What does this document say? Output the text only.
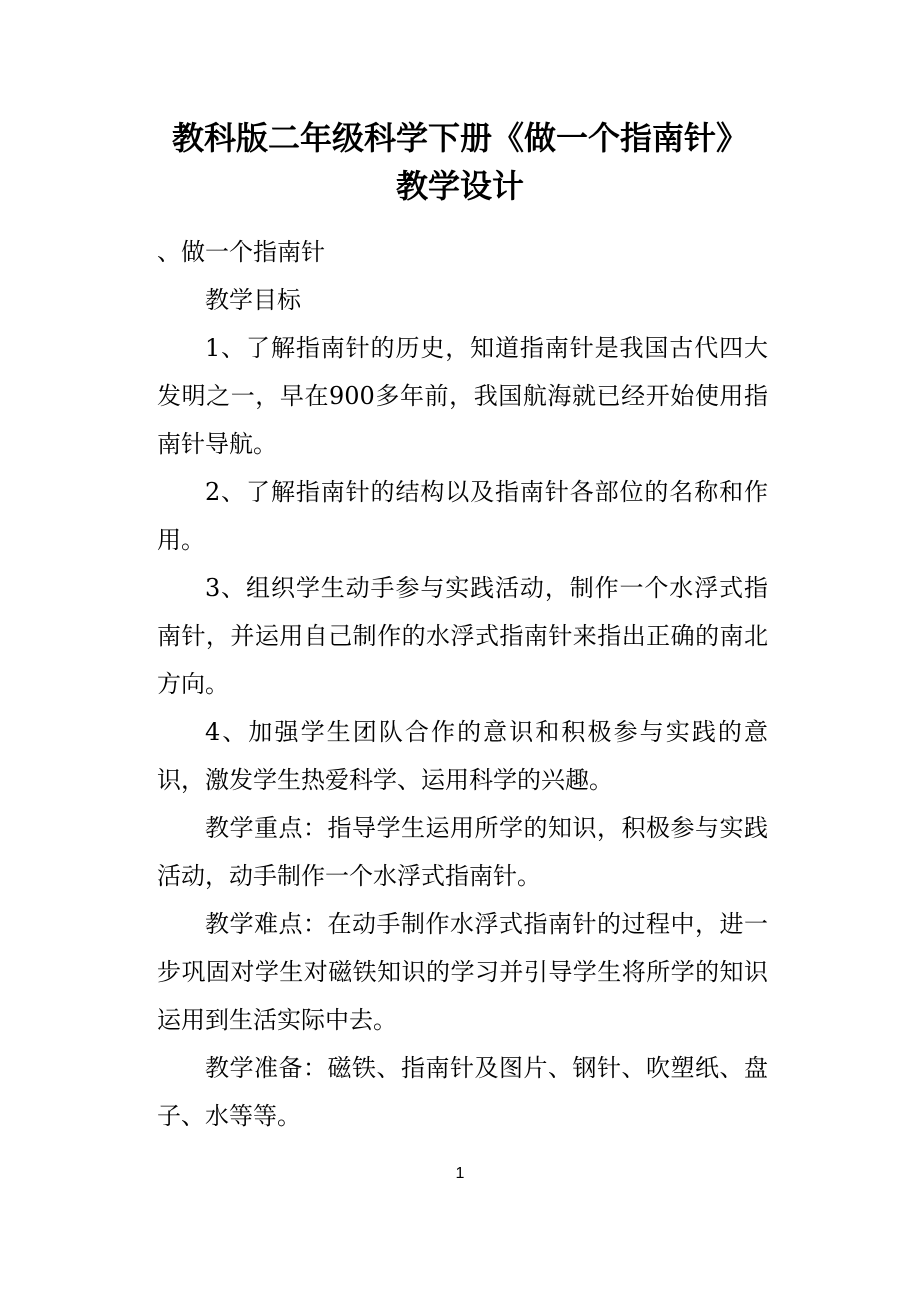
教科版二年级科学下册《做一个指南针》
教学设计

、做一个指南针

教学目标

1、了解指南针的历史，知道指南针是我国古代四大发明之一，早在900多年前，我国航海就已经开始使用指南针导航。

2、了解指南针的结构以及指南针各部位的名称和作用。

3、组织学生动手参与实践活动，制作一个水浮式指南针，并运用自己制作的水浮式指南针来指出正确的南北方向。

4、加强学生团队合作的意识和积极参与实践的意识，激发学生热爱科学、运用科学的兴趣。

教学重点：指导学生运用所学的知识，积极参与实践活动，动手制作一个水浮式指南针。

教学难点：在动手制作水浮式指南针的过程中，进一步巩固对学生对磁铁知识的学习并引导学生将所学的知识运用到生活实际中去。

教学准备：磁铁、指南针及图片、钢针、吹塑纸、盘子、水等等。

1
